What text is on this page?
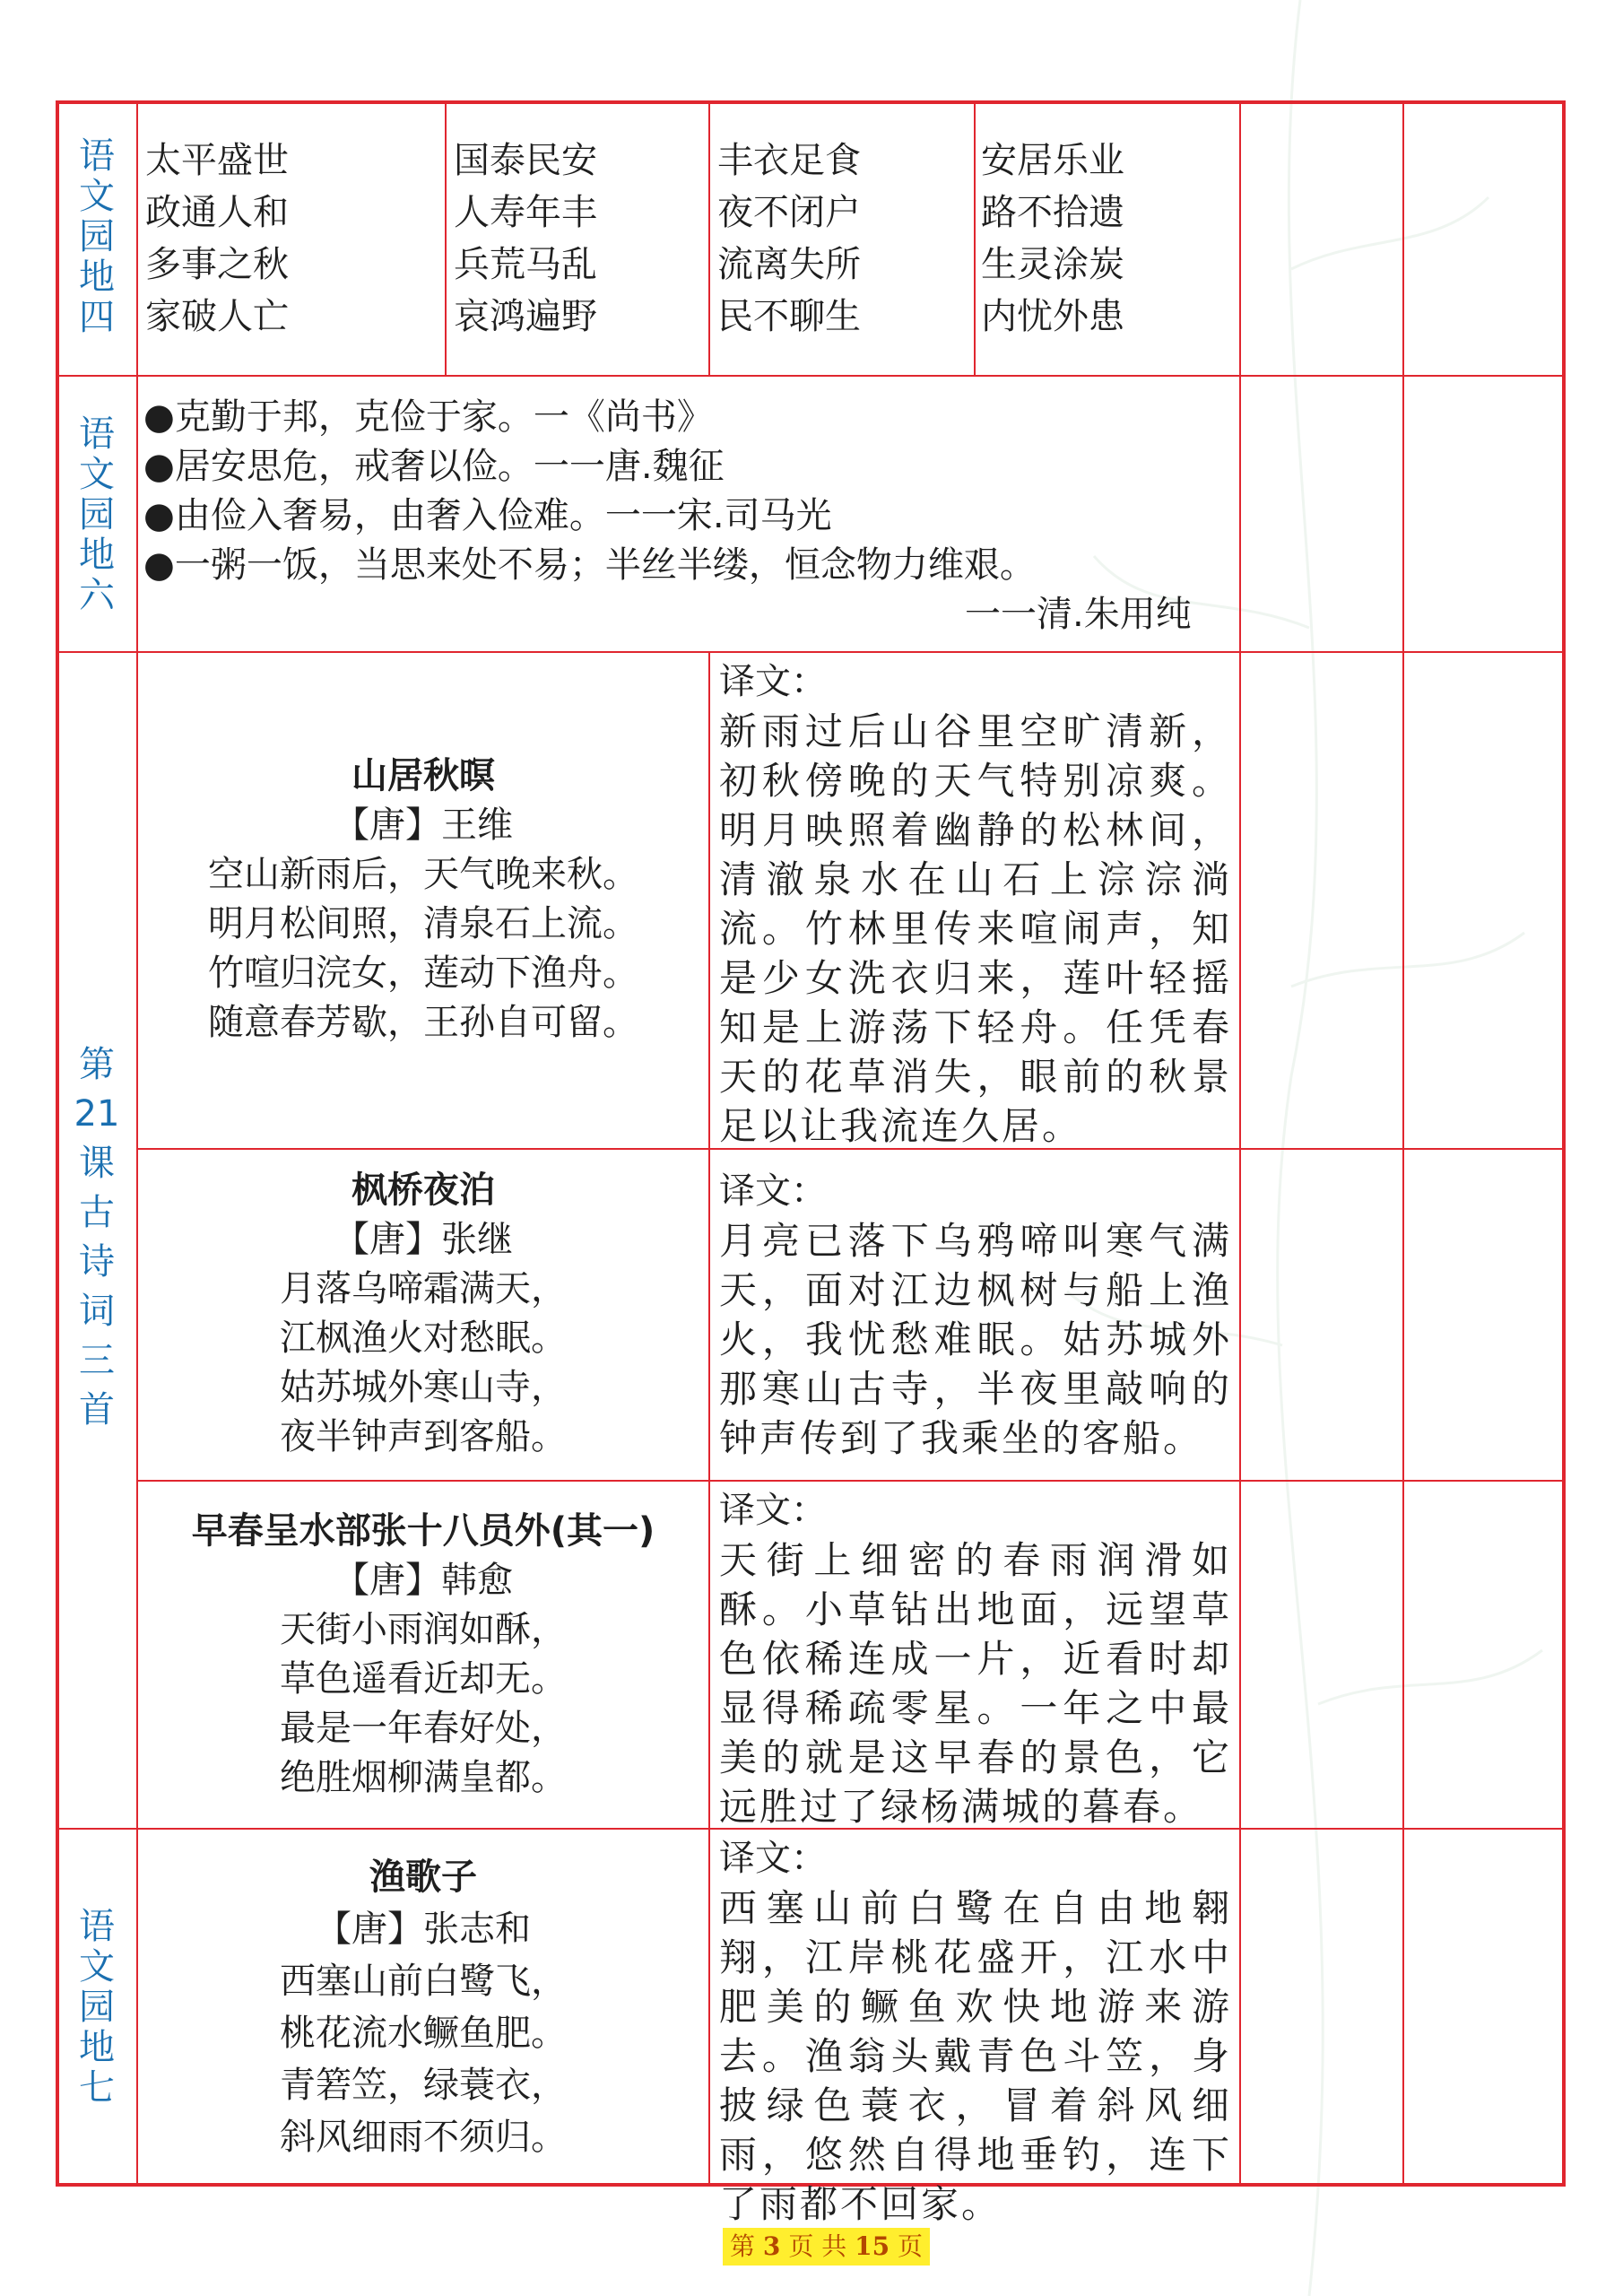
语
文
园
地
四
语
文
园
地
六
第
21
课
古
诗
词
三
首
语
文
园
地
七
太平盛世
政通人和
多事之秋
家破人亡
国泰民安
人寿年丰
兵荒马乱
哀鸿遍野
丰衣足食
夜不闭户
流离失所
民不聊生
安居乐业
路不拾遗
生灵涂炭
内忧外患
●克勤于邦，克俭于家。一《尚书》
●居安思危，戒奢以俭。一一唐.魏征
●由俭入奢易，由奢入俭难。一一宋.司马光
●一粥一饭，当思来处不易；半丝半缕，恒念物力维艰。
一一清.朱用纯
山居秋暝
【唐】王维
空山新雨后，天气晚来秋。
明月松间照，清泉石上流。
竹喧归浣女，莲动下渔舟。
随意春芳歇，王孙自可留。
译文：
新雨过后山谷里空旷清新，初秋傍晚的天气特别凉爽。明月映照着幽静的松林间，清澈泉水在山石上淙淙淌流。竹林里传来喧闹声，知是少女洗衣归来，莲叶轻摇知是上游荡下轻舟。任凭春天的花草消失，眼前的秋景足以让我流连久居。
枫桥夜泊
【唐】张继
月落乌啼霜满天，
江枫渔火对愁眠。
姑苏城外寒山寺，
夜半钟声到客船。
译文：
月亮已落下乌鸦啼叫寒气满天，面对江边枫树与船上渔火，我忧愁难眠。姑苏城外那寒山古寺，半夜里敲响的钟声传到了我乘坐的客船。
早春呈水部张十八员外(其一)
【唐】韩愈
天街小雨润如酥，
草色遥看近却无。
最是一年春好处，
绝胜烟柳满皇都。
译文：
天街上细密的春雨润滑如酥。小草钻出地面，远望草色依稀连成一片，近看时却显得稀疏零星。一年之中最美的就是这早春的景色，它远胜过了绿杨满城的暮春。
渔歌子
【唐】张志和
西塞山前白鹭飞，
桃花流水鳜鱼肥。
青箬笠，绿蓑衣，
斜风细雨不须归。
译文：
西塞山前白鹭在自由地翱翔，江岸桃花盛开，江水中肥美的鳜鱼欢快地游来游去。渔翁头戴青色斗笠，身披绿色蓑衣，冒着斜风细雨，悠然自得地垂钓，连下了雨都不回家。
第 3 页 共 15 页
